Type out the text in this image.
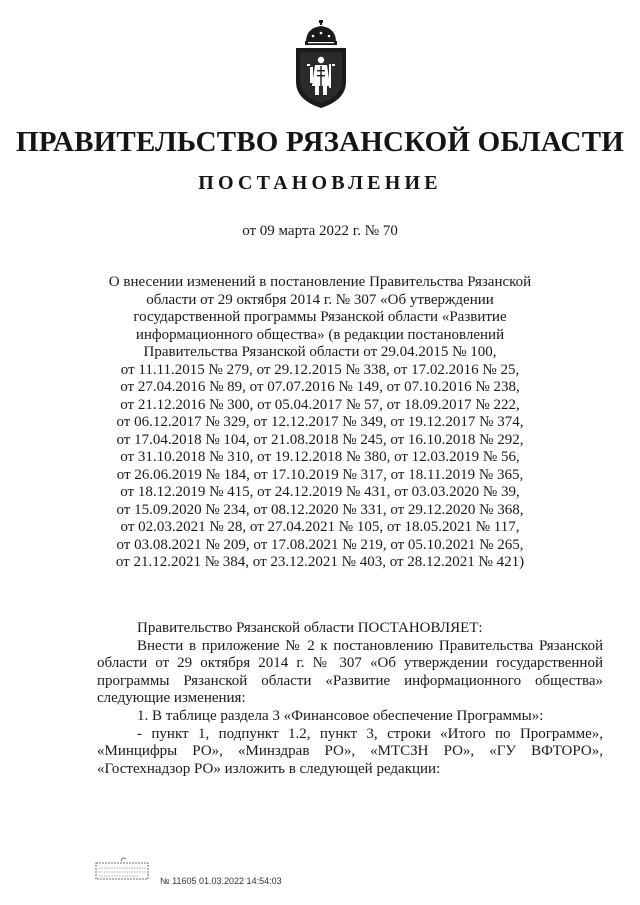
ПРАВИТЕЛЬСТВО РЯЗАНСКОЙ ОБЛАСТИ
ПОСТАНОВЛЕНИЕ
от 09 марта 2022 г. № 70
О внесении изменений в постановление Правительства Рязанской
области от 29 октября 2014 г. № 307 «Об утверждении
государственной программы Рязанской области «Развитие
информационного общества» (в редакции постановлений
Правительства Рязанской области от 29.04.2015 № 100,
от 11.11.2015 № 279, от 29.12.2015 № 338, от 17.02.2016 № 25,
от 27.04.2016 № 89, от 07.07.2016 № 149, от 07.10.2016 № 238,
от 21.12.2016 № 300, от 05.04.2017 № 57, от 18.09.2017 № 222,
от 06.12.2017 № 329, от 12.12.2017 № 349, от 19.12.2017 № 374,
от 17.04.2018 № 104, от 21.08.2018 № 245, от 16.10.2018 № 292,
от 31.10.2018 № 310, от 19.12.2018 № 380, от 12.03.2019 № 56,
от 26.06.2019 № 184, от 17.10.2019 № 317, от 18.11.2019 № 365,
от 18.12.2019 № 415, от 24.12.2019 № 431, от 03.03.2020 № 39,
от 15.09.2020 № 234, от 08.12.2020 № 331, от 29.12.2020 № 368,
от 02.03.2021 № 28, от 27.04.2021 № 105, от 18.05.2021 № 117,
от 03.08.2021 № 209, от 17.08.2021 № 219, от 05.10.2021 № 265,
от 21.12.2021 № 384, от 23.12.2021 № 403, от 28.12.2021 № 421)

Правительство Рязанской области ПОСТАНОВЛЯЕТ:

Внести в приложение № 2 к постановлению Правительства Рязанской области от 29 октября 2014 г. № 307 «Об утверждении государственной программы Рязанской области «Развитие информационного общества» следующие изменения:

1. В таблице раздела 3 «Финансовое обеспечение Программы»:

- пункт 1, подпункт 1.2, пункт 3, строки «Итого по Программе», «Минцифры РО», «Минздрав РО», «МТСЗН РО», «ГУ ВФТОРО», «Гостехнадзор РО» изложить в следующей редакции:

№ 11605 01.03.2022 14:54:03
